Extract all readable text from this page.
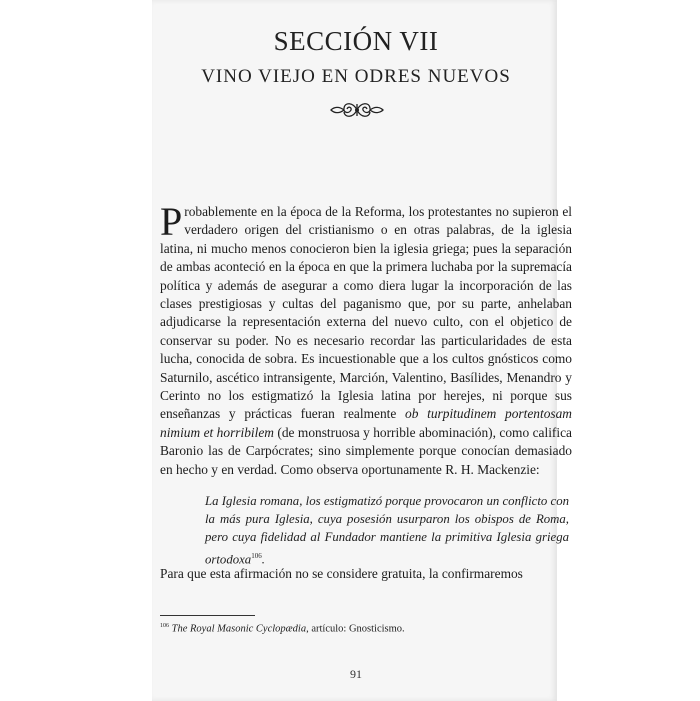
SECCIÓN VII
VINO VIEJO EN ODRES NUEVOS

Probablemente en la época de la Reforma, los protestantes no supieron el verdadero origen del cristianismo o en otras palabras, de la iglesia latina, ni mucho menos conocieron bien la iglesia griega; pues la separación de ambas aconteció en la época en que la primera luchaba por la supremacía política y además de asegurar a como diera lugar la incorporación de las clases prestigiosas y cultas del paganismo que, por su parte, anhelaban adjudicarse la representación externa del nuevo culto, con el objetico de conservar su poder. No es necesario recordar las particularidades de esta lucha, conocida de sobra. Es incuestionable que a los cultos gnósticos como Saturnilo, ascético intransigente, Marción, Valentino, Basílides, Menandro y Cerinto no los estigmatizó la Iglesia latina por herejes, ni porque sus enseñanzas y prácticas fueran realmente ob turpitudinem portentosam nimium et horribilem (de monstruosa y horrible abominación), como califica Baronio las de Carpócrates; sino simplemente porque conocían demasiado en hecho y en verdad. Como observa oportunamente R. H. Mackenzie:

La Iglesia romana, los estigmatizó porque provocaron un conflicto con la más pura Iglesia, cuya posesión usurparon los obispos de Roma, pero cuya fidelidad al Fundador mantiene la primitiva Iglesia griega ortodoxa$^{106}$.
Para que esta afirmación no se considere gratuita, la confirmaremos
$^{106}$ The Royal Masonic Cyclopædia, artículo: Gnosticismo.
91
